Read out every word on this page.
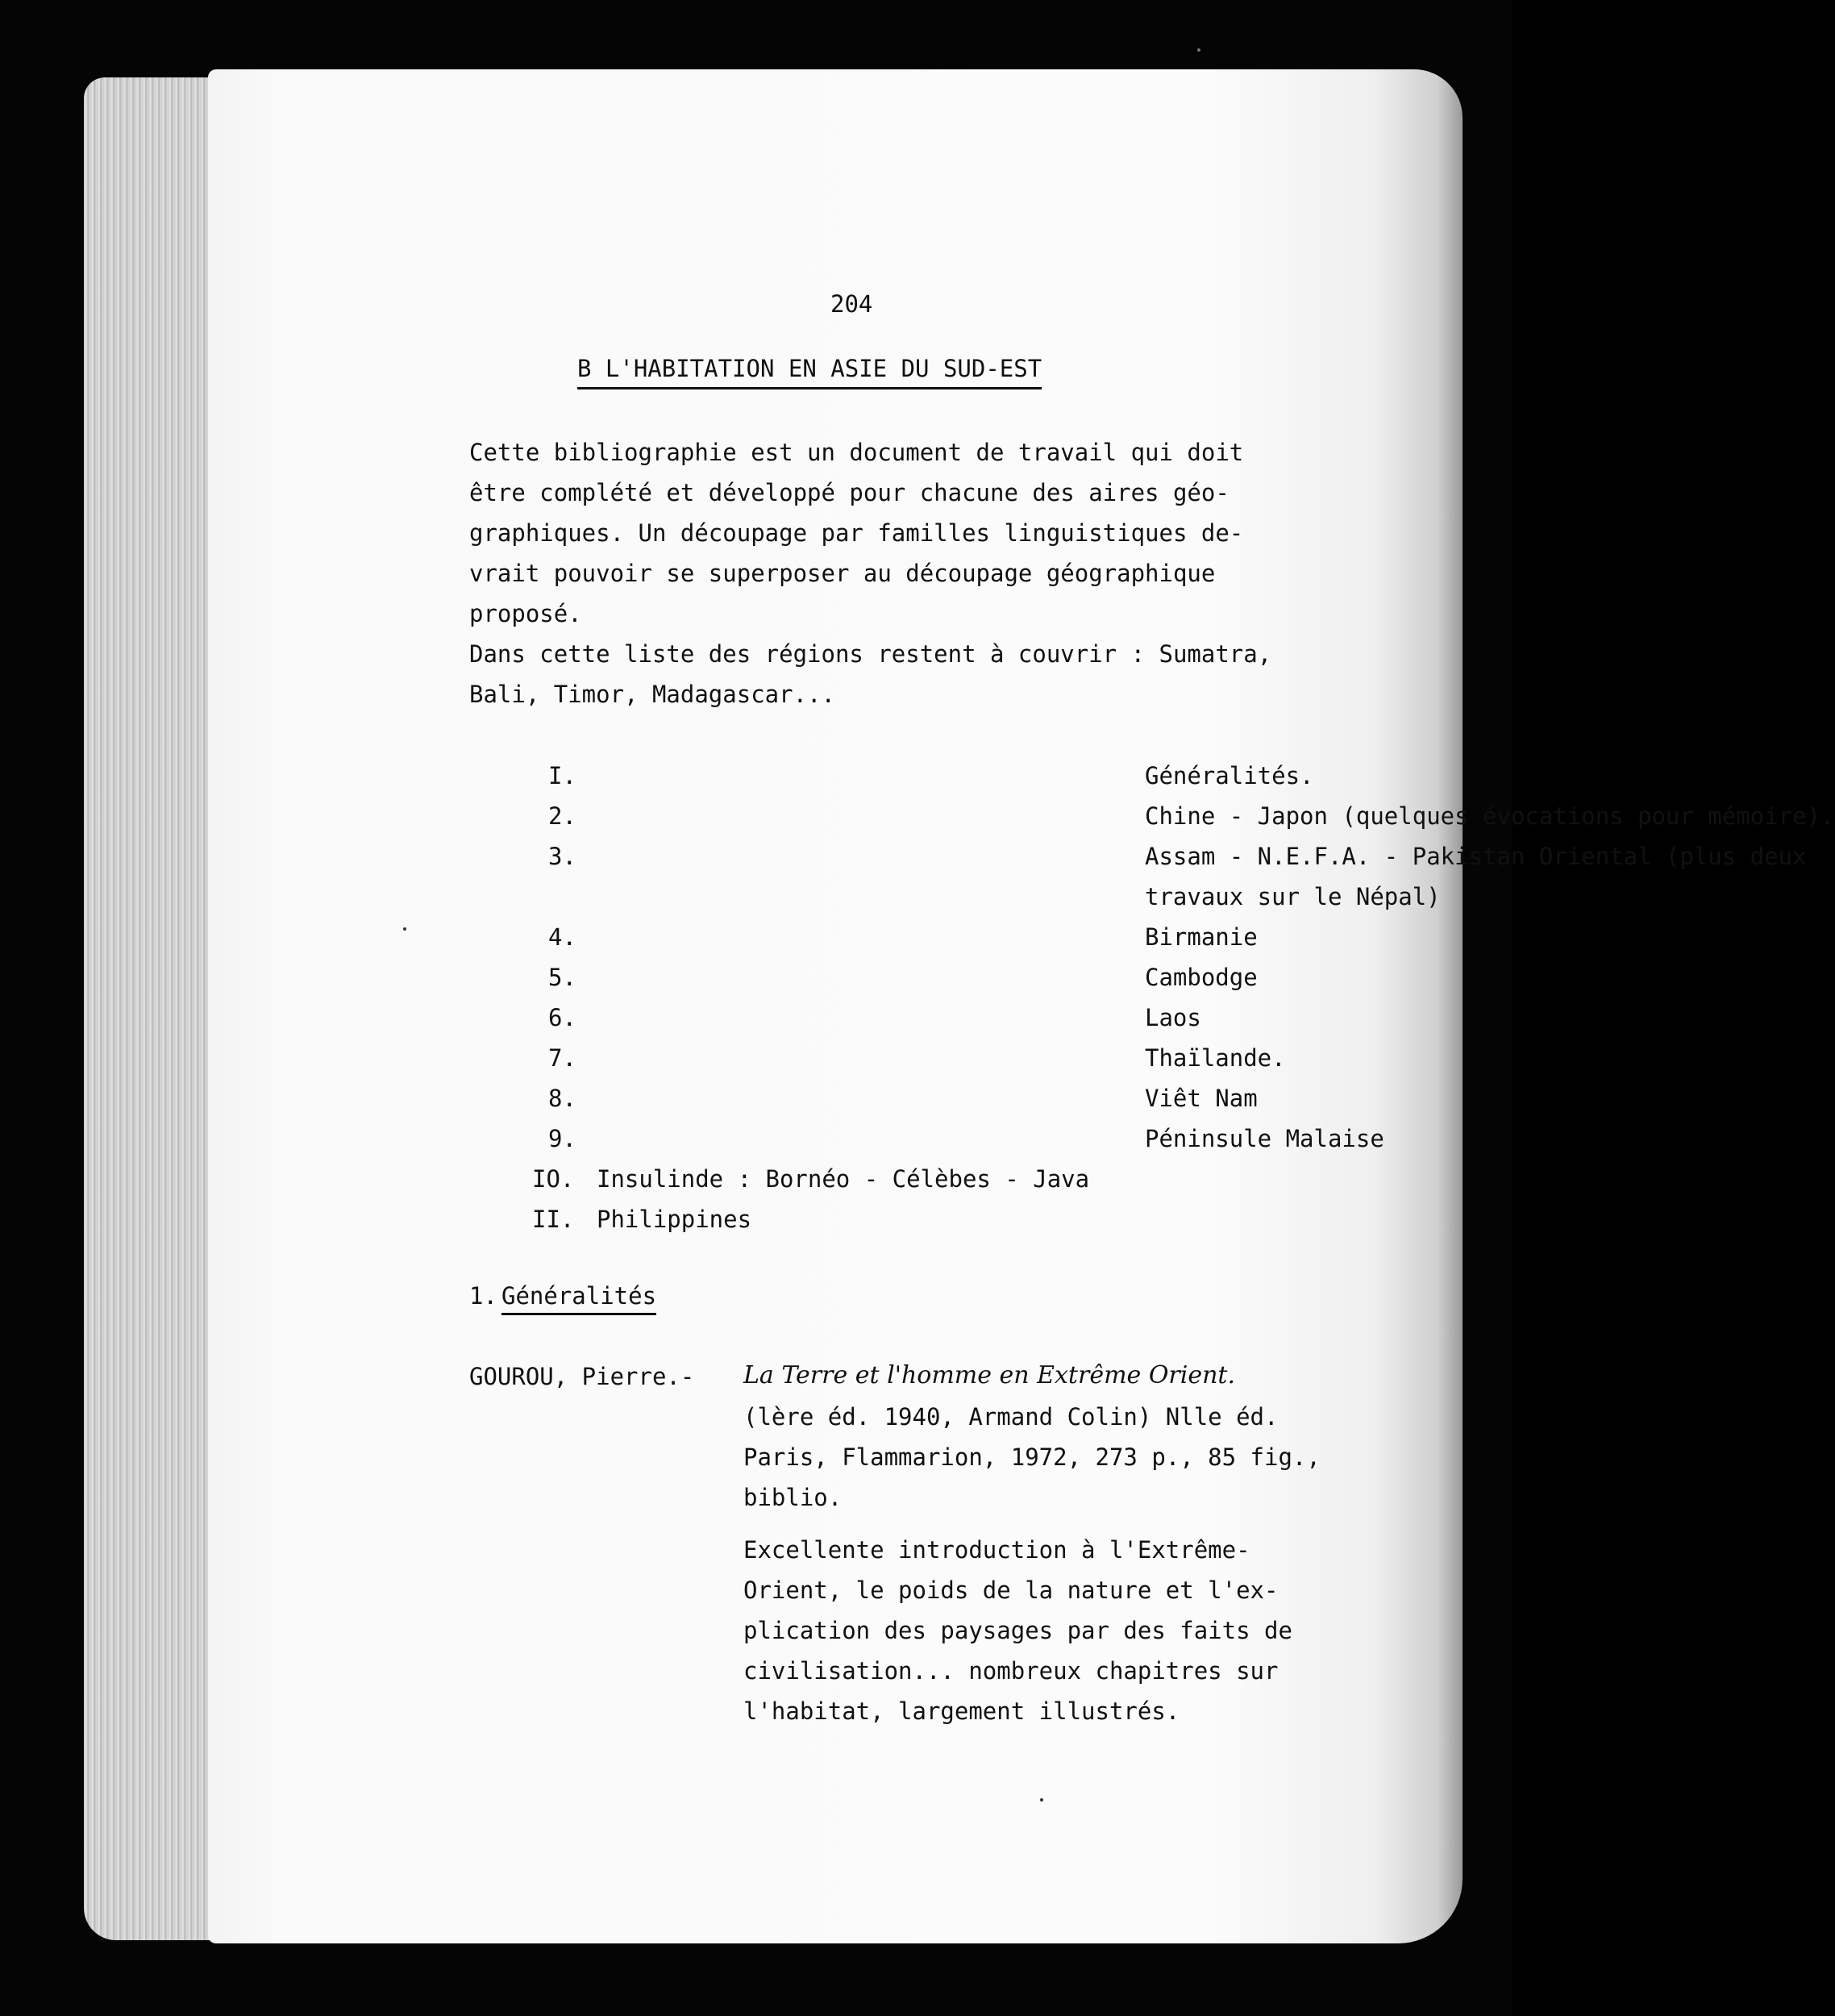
204
B L'HABITATION EN ASIE DU SUD-EST
Cette bibliographie est un document de travail qui doit
être complété et développé pour chacune des aires géo-
graphiques. Un découpage par familles linguistiques de-
vrait pouvoir se superposer au découpage géographique
proposé.
Dans cette liste des régions restent à couvrir : Sumatra,
Bali, Timor, Madagascar...
I.	Généralités.
2.	Chine - Japon (quelques évocations pour mémoire).
3.	Assam - N.E.F.A. - Pakistan Oriental (plus deux
travaux sur le Népal)
4.	Birmanie
5.	Cambodge
6.	Laos
7.	Thaïlande.
8.	Viêt Nam
9.	Péninsule Malaise
IO. Insulinde : Bornéo - Célèbes - Java
II. Philippines
1. Généralités
GOUROU, Pierre.- La Terre et l'homme en Extrême Orient.
(lère éd. 1940, Armand Colin) Nlle éd.
Paris, Flammarion, 1972, 273 p., 85 fig.,
biblio.
Excellente introduction à l'Extrême-
Orient, le poids de la nature et l'ex-
plication des paysages par des faits de
civilisation... nombreux chapitres sur
l'habitat, largement illustrés.
